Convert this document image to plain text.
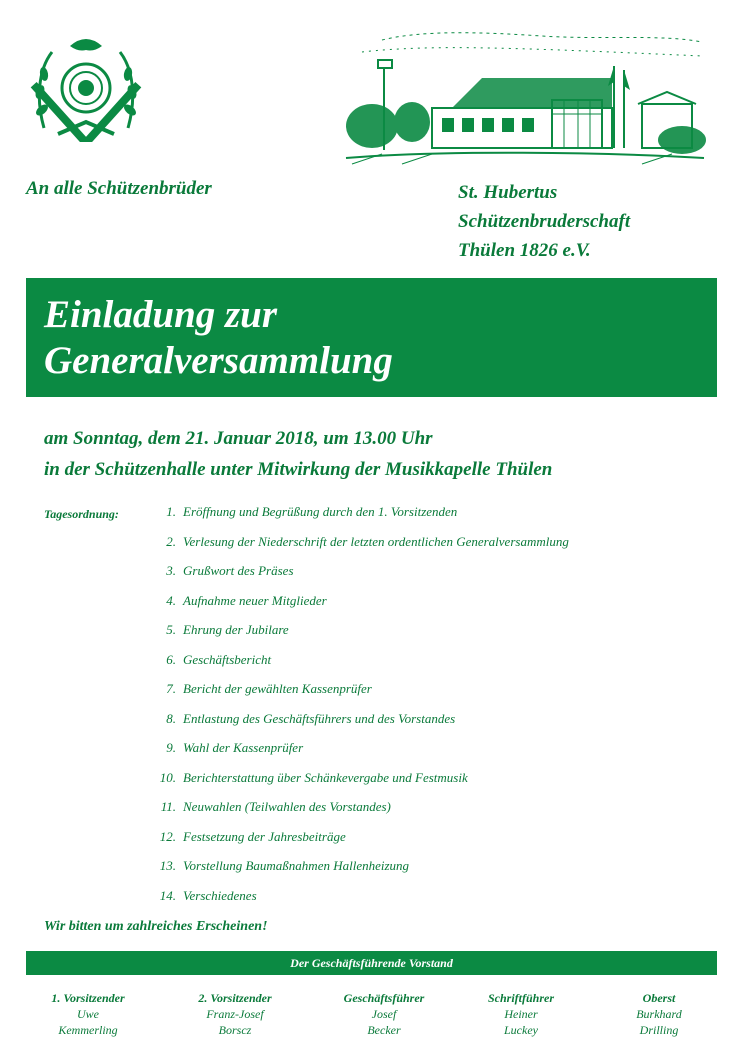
An alle Schützenbrüder	St. Hubertus
Schützenbruderschaft
Thülen 1826 e.V.
Einladung zur
Generalversammlung
am Sonntag, dem 21. Januar 2018, um 13.00 Uhr
in der Schützenhalle unter Mitwirkung der Musikkapelle Thülen
Tagesordnung:	1. Eröffnung und Begrüßung durch den 1. Vorsitzenden
2. Verlesung der Niederschrift der letzten ordentlichen Generalversammlung
3. Grußwort des Präses
4. Aufnahme neuer Mitglieder
5. Ehrung der Jubilare
6. Geschäftsbericht
7. Bericht der gewählten Kassenprüfer
8. Entlastung des Geschäftsführers und des Vorstandes
9. Wahl der Kassenprüfer
10. Berichterstattung über Schänkevergabe und Festmusik
11. Neuwahlen (Teilwahlen des Vorstandes)
12. Festsetzung der Jahresbeiträge
13. Vorstellung Baumaßnahmen Hallenheizung
14. Verschiedenes
Wir bitten um zahlreiches Erscheinen!
Der Geschäftsführende Vorstand
1. Vorsitzender
Uwe
Kemmerling
2. Vorsitzender
Franz-Josef
Borscz
Geschäftsführer
Josef
Becker
Schriftführer
Heiner
Luckey
Oberst
Burkhard
Drilling
